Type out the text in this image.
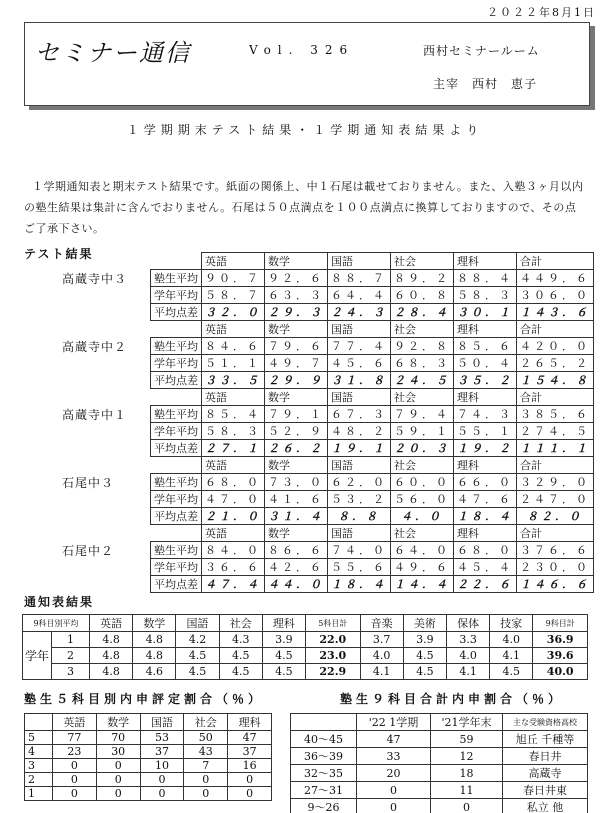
２０２２年8月1日
セミナー通信	Vol. 326	西村セミナールーム
主宰　西村　恵子
１学期期末テスト結果・１学期通知表結果より

１学期通知表と期末テスト結果です。紙面の関係上、中１石尾は載せておりません。また、入塾３ヶ月以内の塾生結果は集計に含んでおりません。石尾は５０点満点を１００点満点に換算しておりますので、その点ご了承下さい。

テスト結果
高蔵寺中３
	英語	数学	国語	社会	理科	合計
塾生平均	９０．７	９２．６	８８．７	８９．２	８８．４	４４９．６
学年平均	５８．７	６３．３	６４．４	６０．８	５８．３	３０６．０
平均点差	３２．０	２９．３	２４．３	２８．４	３０．１	１４３．６
高蔵寺中２
	英語	数学	国語	社会	理科	合計
塾生平均	８４．６	７９．６	７７．４	９２．８	８５．６	４２０．０
学年平均	５１．１	４９．７	４５．６	６８．３	５０．４	２６５．２
平均点差	３３．５	２９．９	３１．８	２４．５	３５．２	１５４．８
高蔵寺中１
	英語	数学	国語	社会	理科	合計
塾生平均	８５．４	７９．１	６７．３	７９．４	７４．３	３８５．６
学年平均	５８．３	５２．９	４８．２	５９．１	５５．１	２７４．５
平均点差	２７．１	２６．２	１９．１	２０．３	１９．２	１１１．１
石尾中３
	英語	数学	国語	社会	理科	合計
塾生平均	６８．０	７３．０	６２．０	６０．０	６６．０	３２９．０
学年平均	４７．０	４１．６	５３．２	５６．０	４７．６	２４７．０
平均点差	２１．０	３１．４	８．８	４．０	１８．４	８２．０
石尾中２
	英語	数学	国語	社会	理科	合計
塾生平均	８４．０	８６．６	７４．０	６４．０	６８．０	３７６．６
学年平均	３６．６	４２．６	５５．６	４９．６	４５．４	２３０．０
平均点差	４７．４	４４．０	１８．４	１４．４	２２．６	１４６．６
通知表結果
9科目別平均		英語	数学	国語	社会	理科	5科目計	音楽	美術	保体	技家	9科目計
学年	1	4.8	4.8	4.2	4.3	3.9	22.0	3.7	3.9	3.3	4.0	36.9
	2	4.8	4.8	4.5	4.5	4.5	23.0	4.0	4.5	4.0	4.1	39.6
	3	4.8	4.6	4.5	4.5	4.5	22.9	4.1	4.5	4.1	4.5	40.0
塾生５科目別内申評定割合（％）	塾生９科目合計内申割合（％）
	英語	数学	国語	社会	理科
5	77	70	53	50	47
4	23	30	37	43	37
3	0	0	10	7	16
2	0	0	0	0	0
1	0	0	0	0	0
	'22 1学期	'21学年末	主な受験資格高校
40～45	47	59	旭丘 千種等
36～39	33	12	春日井
32～35	20	18	高蔵寺
27～31	0	11	春日井東
9～26	0	0	私立 他
